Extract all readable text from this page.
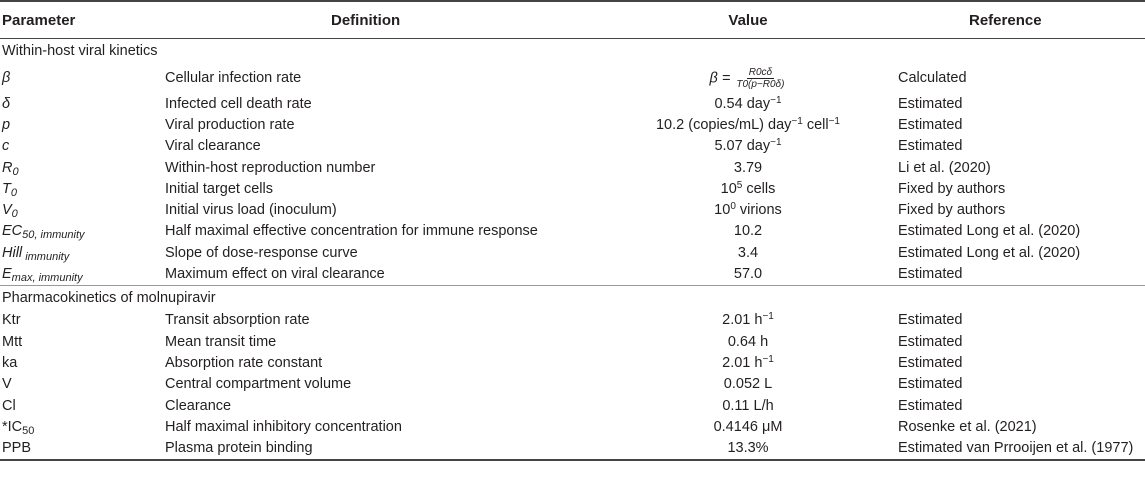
Parameter	Definition	Value	Reference
Within-host viral kinetics			
β	Cellular infection rate	$\beta = \frac{R0c\delta}{T0(p-R0\delta)}$	Calculated
δ	Infected cell death rate	0.54 day$^{-1}$	Estimated
p	Viral production rate	10.2 (copies/mL) day$^{-1}$ cell$^{-1}$	Estimated
c	Viral clearance	5.07 day$^{-1}$	Estimated
$R_0$	Within-host reproduction number	3.79	Li et al. (2020)
$T_0$	Initial target cells	$10^5$ cells	Fixed by authors
$V_0$	Initial virus load (inoculum)	$10^0$ virions	Fixed by authors
$EC_{50, immunity}$	Half maximal effective concentration for immune response	10.2	Estimated Long et al. (2020)
Hill $_{immunity}$	Slope of dose-response curve	3.4	Estimated Long et al. (2020)
$E_{max, immunity}$	Maximum effect on viral clearance	57.0	Estimated
Pharmacokinetics of molnupiravir			
Ktr	Transit absorption rate	2.01 $h^{-1}$	Estimated
Mtt	Mean transit time	0.64 h	Estimated
ka	Absorption rate constant	2.01 $h^{-1}$	Estimated
V	Central compartment volume	0.052 L	Estimated
Cl	Clearance	0.11 L/h	Estimated
$*IC_{50}$	Half maximal inhibitory concentration	0.4146 μM	Rosenke et al. (2021)
PPB	Plasma protein binding	13.3%	Estimated van Prrooijen et al. (1977)
